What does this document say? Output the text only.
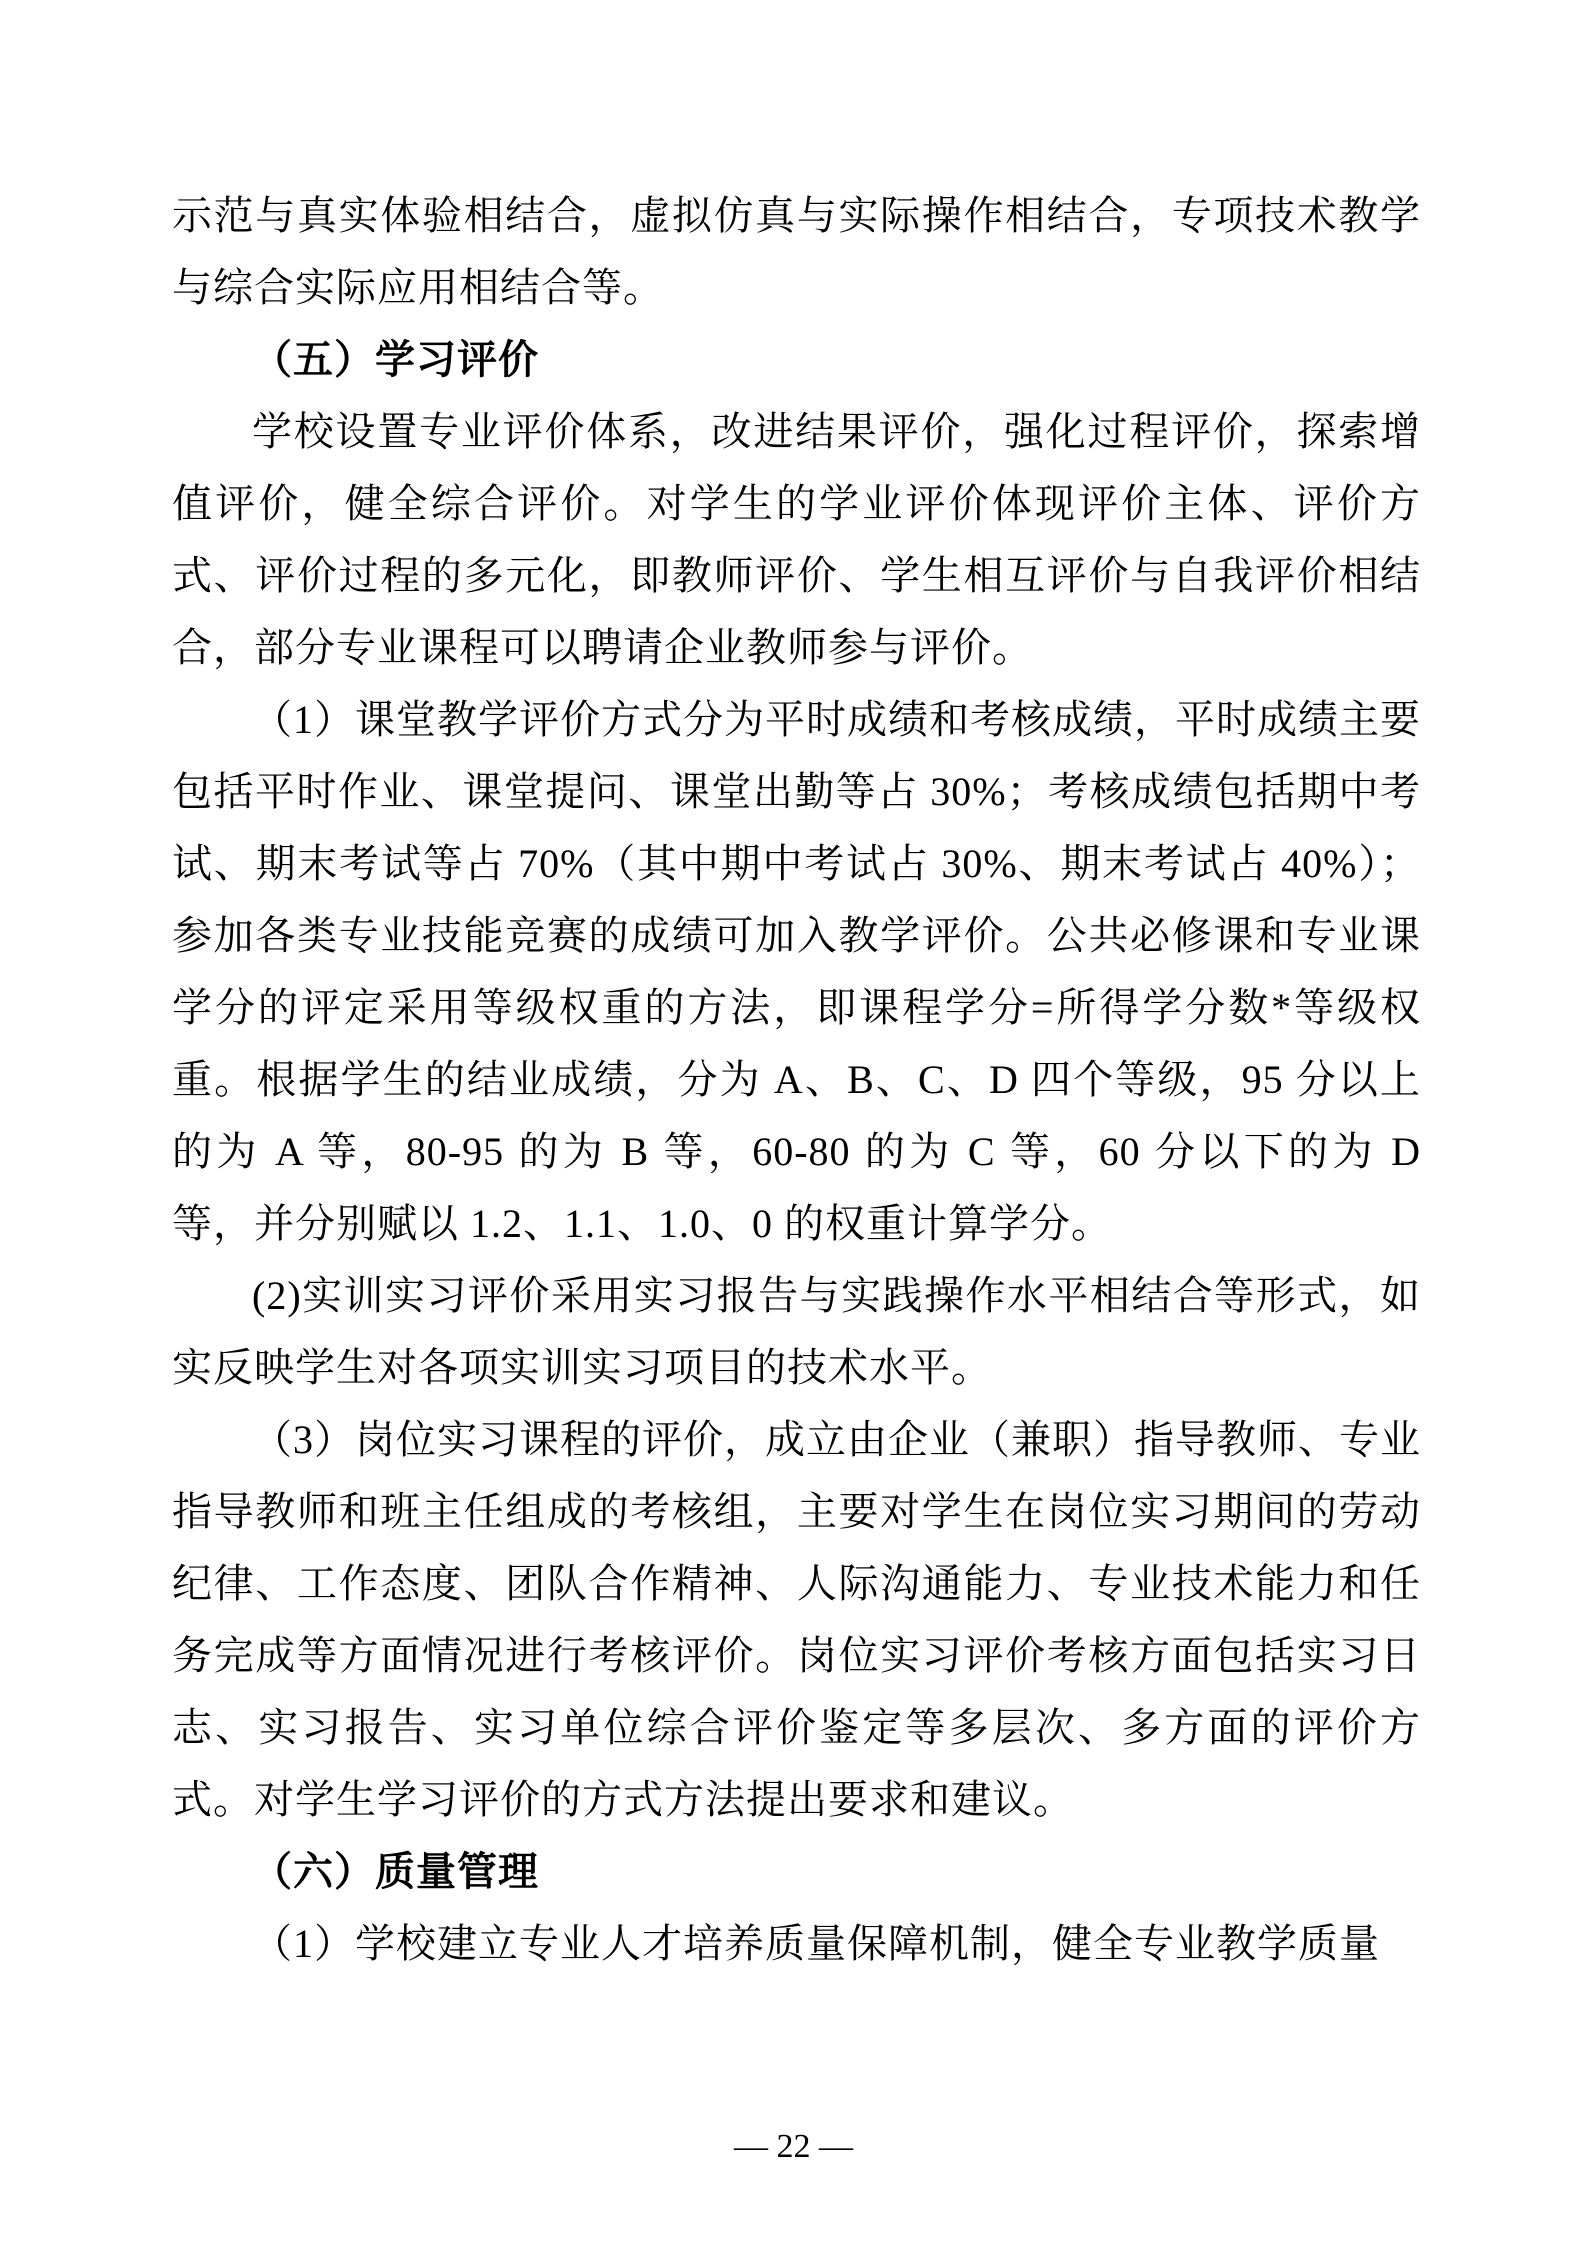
示范与真实体验相结合，虚拟仿真与实际操作相结合，专项技术教学与综合实际应用相结合等。

（五）学习评价

学校设置专业评价体系，改进结果评价，强化过程评价，探索增值评价，健全综合评价。对学生的学业评价体现评价主体、评价方式、评价过程的多元化，即教师评价、学生相互评价与自我评价相结合，部分专业课程可以聘请企业教师参与评价。

（1）课堂教学评价方式分为平时成绩和考核成绩，平时成绩主要包括平时作业、课堂提问、课堂出勤等占 30%；考核成绩包括期中考试、期末考试等占 70%（其中期中考试占 30%、期末考试占 40%）；参加各类专业技能竞赛的成绩可加入教学评价。公共必修课和专业课学分的评定采用等级权重的方法，即课程学分=所得学分数*等级权重。根据学生的结业成绩，分为 A、B、C、D 四个等级，95 分以上的为 A 等，80-95 的为 B 等，60-80 的为 C 等，60 分以下的为 D 等，并分别赋以 1.2、1.1、1.0、0 的权重计算学分。

(2)实训实习评价采用实习报告与实践操作水平相结合等形式，如实反映学生对各项实训实习项目的技术水平。

（3）岗位实习课程的评价，成立由企业（兼职）指导教师、专业指导教师和班主任组成的考核组，主要对学生在岗位实习期间的劳动纪律、工作态度、团队合作精神、人际沟通能力、专业技术能力和任务完成等方面情况进行考核评价。岗位实习评价考核方面包括实习日志、实习报告、实习单位综合评价鉴定等多层次、多方面的评价方式。对学生学习评价的方式方法提出要求和建议。

（六）质量管理

（1）学校建立专业人才培养质量保障机制，健全专业教学质量

— 22 —
